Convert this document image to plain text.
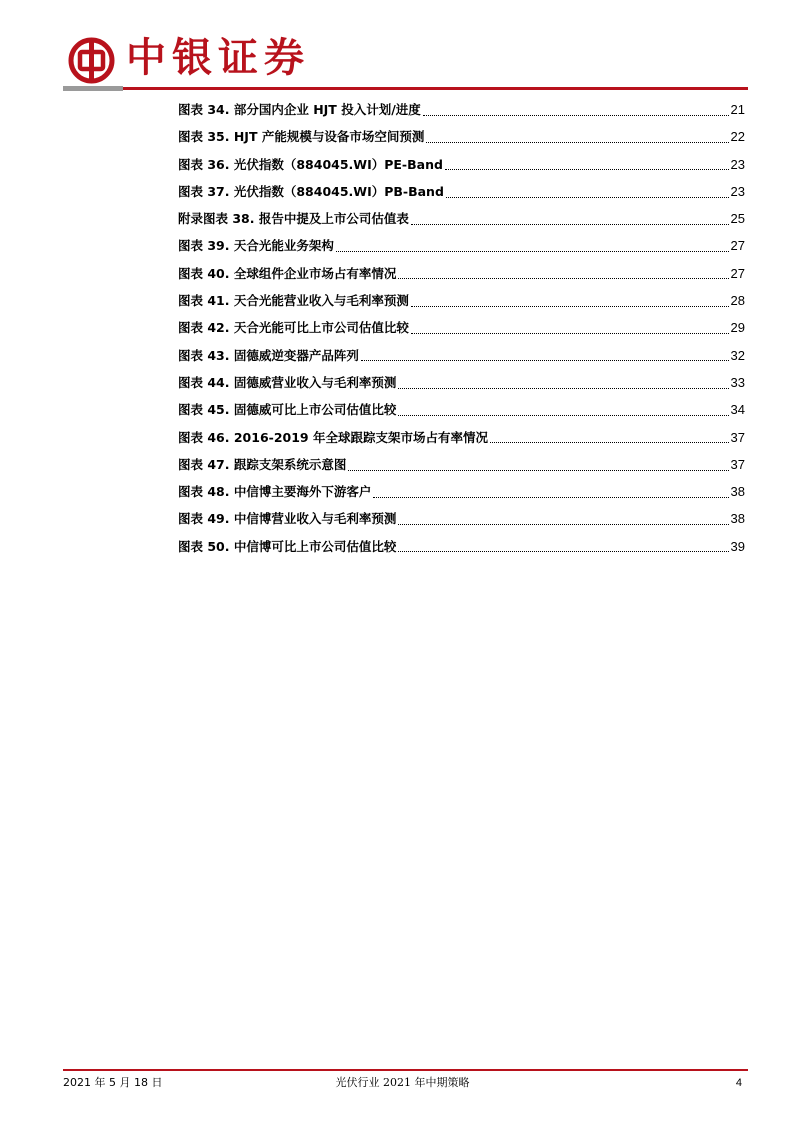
中银证券
图表 34. 部分国内企业 HJT 投入计划/进度	21
图表 35. HJT 产能规模与设备市场空间预测	22
图表 36. 光伏指数（884045.WI）PE-Band	23
图表 37. 光伏指数（884045.WI）PB-Band	23
附录图表 38. 报告中提及上市公司估值表	25
图表 39. 天合光能业务架构	27
图表 40. 全球组件企业市场占有率情况	27
图表 41. 天合光能营业收入与毛利率预测	28
图表 42. 天合光能可比上市公司估值比较	29
图表 43. 固德威逆变器产品阵列	32
图表 44. 固德威营业收入与毛利率预测	33
图表 45. 固德威可比上市公司估值比较	34
图表 46. 2016-2019 年全球跟踪支架市场占有率情况	37
图表 47. 跟踪支架系统示意图	37
图表 48. 中信博主要海外下游客户	38
图表 49. 中信博营业收入与毛利率预测	38
图表 50. 中信博可比上市公司估值比较	39
2021 年 5 月 18 日	光伏行业 2021 年中期策略	4
